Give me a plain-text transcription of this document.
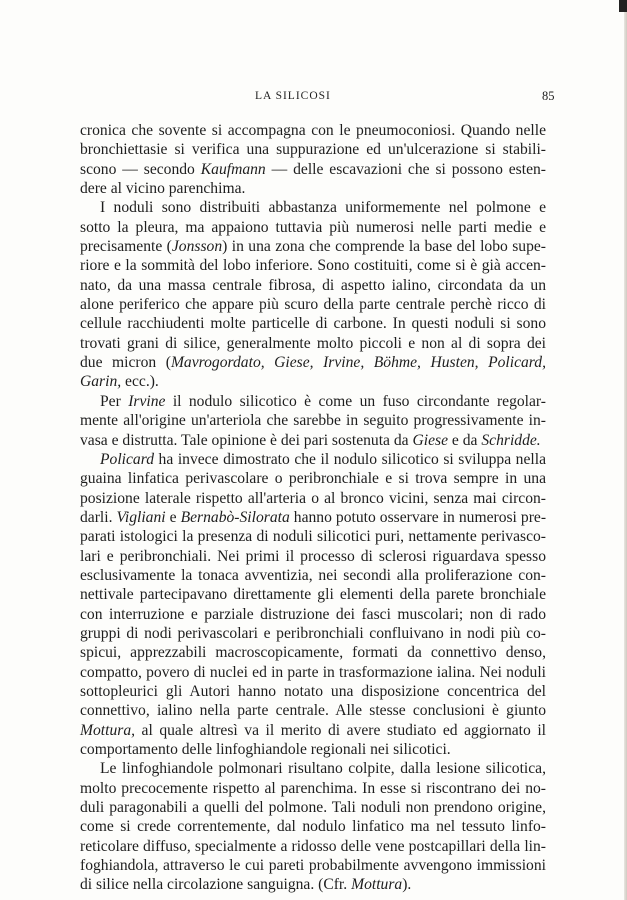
LA SILICOSI	85
cronica che sovente si accompagna con le pneumoconiosi. Quando nelle
bronchiettasie si verifica una suppurazione ed un'ulcerazione si stabili-
scono — secondo Kaufmann — delle escavazioni che si possono esten-
dere al vicino parenchima.
I noduli sono distribuiti abbastanza uniformemente nel polmone e
sotto la pleura, ma appaiono tuttavia più numerosi nelle parti medie e
precisamente (Jonsson) in una zona che comprende la base del lobo supe-
riore e la sommità del lobo inferiore. Sono costituiti, come si è già accen-
nato, da una massa centrale fibrosa, di aspetto ialino, circondata da un
alone periferico che appare più scuro della parte centrale perchè ricco di
cellule racchiudenti molte particelle di carbone. In questi noduli si sono
trovati grani di silice, generalmente molto piccoli e non al di sopra dei
due micron (Mavrogordato, Giese, Irvine, Böhme, Husten, Policard,
Garin, ecc.).
Per Irvine il nodulo silicotico è come un fuso circondante regolar-
mente all'origine un'arteriola che sarebbe in seguito progressivamente in-
vasa e distrutta. Tale opinione è dei pari sostenuta da Giese e da Schridde.
Policard ha invece dimostrato che il nodulo silicotico si sviluppa nella
guaina linfatica perivascolare o peribronchiale e si trova sempre in una
posizione laterale rispetto all'arteria o al bronco vicini, senza mai circon-
darli. Vigliani e Bernabò-Silorata hanno potuto osservare in numerosi pre-
parati istologici la presenza di noduli silicotici puri, nettamente perivasco-
lari e peribronchiali. Nei primi il processo di sclerosi riguardava spesso
esclusivamente la tonaca avventizia, nei secondi alla proliferazione con-
nettivale partecipavano direttamente gli elementi della parete bronchiale
con interruzione e parziale distruzione dei fasci muscolari; non di rado
gruppi di nodi perivascolari e peribronchiali confluivano in nodi più co-
spicui, apprezzabili macroscopicamente, formati da connettivo denso,
compatto, povero di nuclei ed in parte in trasformazione ialina. Nei noduli
sottopleurici gli Autori hanno notato una disposizione concentrica del
connettivo, ialino nella parte centrale. Alle stesse conclusioni è giunto
Mottura, al quale altresì va il merito di avere studiato ed aggiornato il
comportamento delle linfoghiandole regionali nei silicotici.
Le linfoghiandole polmonari risultano colpite, dalla lesione silicotica,
molto precocemente rispetto al parenchima. In esse si riscontrano dei no-
duli paragonabili a quelli del polmone. Tali noduli non prendono origine,
come si crede correntemente, dal nodulo linfatico ma nel tessuto linfo-
reticolare diffuso, specialmente a ridosso delle vene postcapillari della lin-
foghiandola, attraverso le cui pareti probabilmente avvengono immissioni
di silice nella circolazione sanguigna. (Cfr. Mottura).
